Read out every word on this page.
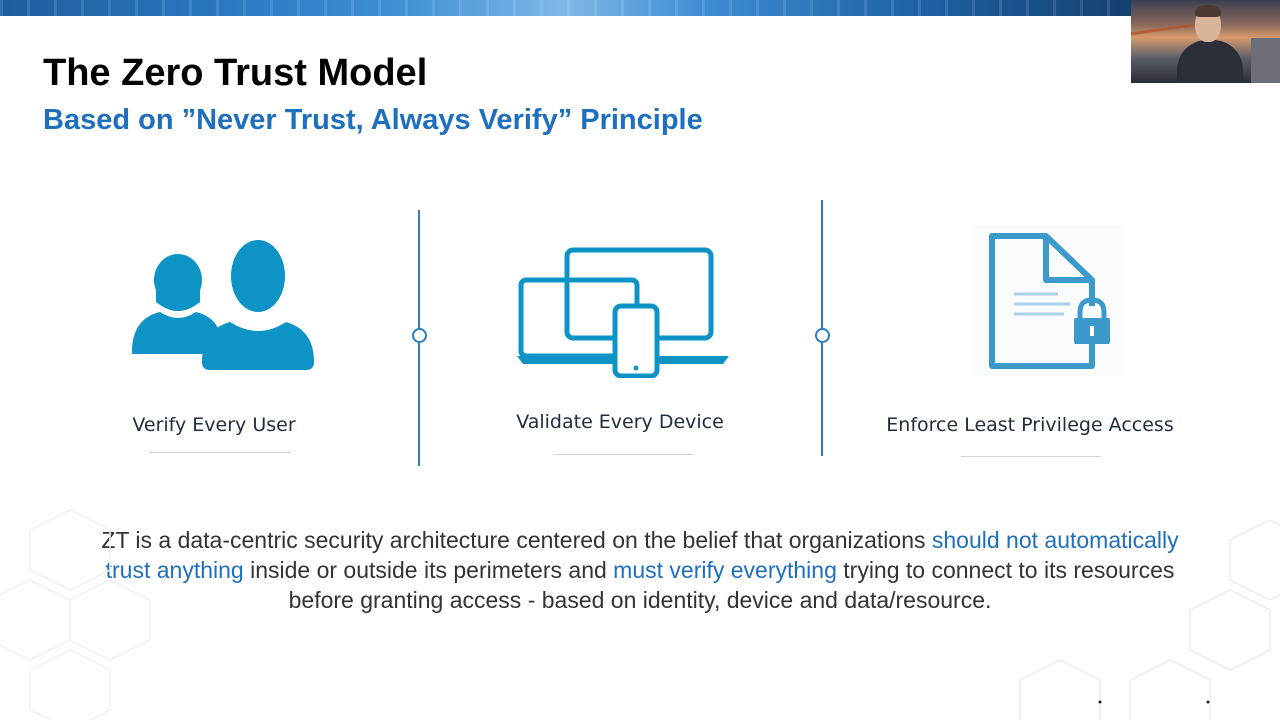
The Zero Trust Model
Based on ”Never Trust, Always Verify” Principle
Verify Every User	Validate Every Device	Enforce Least Privilege Access
ZT is a data-centric security architecture centered on the belief that organizations should not automatically trust anything inside or outside its perimeters and must verify everything trying to connect to its resources before granting access - based on identity, device and data/resource.
